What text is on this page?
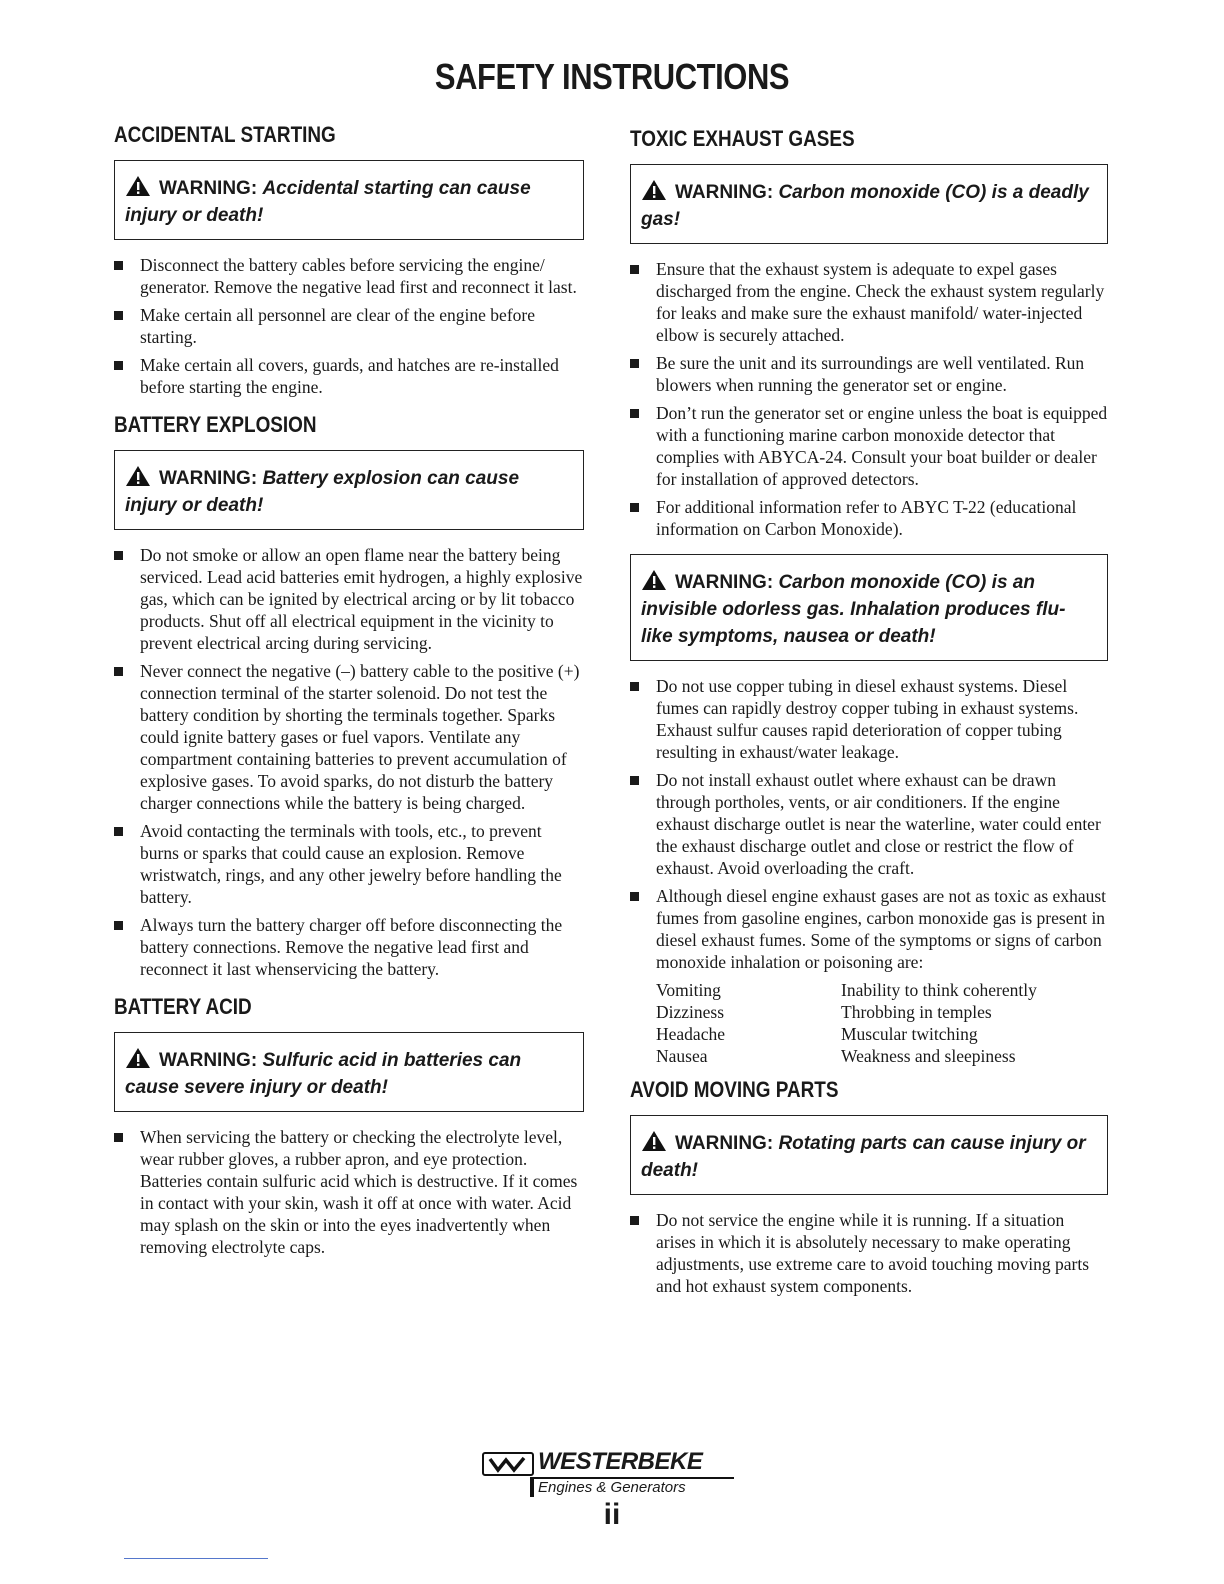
SAFETY INSTRUCTIONS
ACCIDENTAL STARTING
WARNING: Accidental starting can cause injury or death!
Disconnect the battery cables before servicing the engine/ generator. Remove the negative lead first and reconnect it last.
Make certain all personnel are clear of the engine before starting.
Make certain all covers, guards, and hatches are re-installed before starting the engine.
BATTERY EXPLOSION
WARNING: Battery explosion can cause injury or death!
Do not smoke or allow an open flame near the battery being serviced. Lead acid batteries emit hydrogen, a highly explosive gas, which can be ignited by electrical arcing or by lit tobacco products. Shut off all electrical equipment in the vicinity to prevent electrical arcing during servicing.
Never connect the negative (–) battery cable to the positive (+) connection terminal of the starter solenoid. Do not test the battery condition by shorting the terminals together. Sparks could ignite battery gases or fuel vapors. Ventilate any compartment containing batteries to prevent accumulation of explosive gases. To avoid sparks, do not disturb the battery charger connections while the battery is being charged.
Avoid contacting the terminals with tools, etc., to prevent burns or sparks that could cause an explosion. Remove wristwatch, rings, and any other jewelry before handling the battery.
Always turn the battery charger off before disconnecting the battery connections. Remove the negative lead first and reconnect it last whenservicing the battery.
BATTERY ACID
WARNING: Sulfuric acid in batteries can cause severe injury or death!
When servicing the battery or checking the electrolyte level, wear rubber gloves, a rubber apron, and eye protection. Batteries contain sulfuric acid which is destructive. If it comes in contact with your skin, wash it off at once with water. Acid may splash on the skin or into the eyes inadvertently when removing electrolyte caps.
TOXIC EXHAUST GASES
WARNING: Carbon monoxide (CO) is a deadly gas!
Ensure that the exhaust system is adequate to expel gases discharged from the engine. Check the exhaust system regularly for leaks and make sure the exhaust manifold/ water-injected elbow is securely attached.
Be sure the unit and its surroundings are well ventilated. Run blowers when running the generator set or engine.
Don’t run the generator set or engine unless the boat is equipped with a functioning marine carbon monoxide detector that complies with ABYCA-24. Consult your boat builder or dealer for installation of approved detectors.
For additional information refer to ABYC T-22 (educational information on Carbon Monoxide).
WARNING: Carbon monoxide (CO) is an invisible odorless gas. Inhalation produces flu-like symptoms, nausea or death!
Do not use copper tubing in diesel exhaust systems. Diesel fumes can rapidly destroy copper tubing in exhaust systems. Exhaust sulfur causes rapid deterioration of copper tubing resulting in exhaust/water leakage.
Do not install exhaust outlet where exhaust can be drawn through portholes, vents, or air conditioners. If the engine exhaust discharge outlet is near the waterline, water could enter the exhaust discharge outlet and close or restrict the flow of exhaust. Avoid overloading the craft.
Although diesel engine exhaust gases are not as toxic as exhaust fumes from gasoline engines, carbon monoxide gas is present in diesel exhaust fumes. Some of the symptoms or signs of carbon monoxide inhalation or poisoning are:
Vomiting	Inability to think coherently
Dizziness	Throbbing in temples
Headache	Muscular twitching
Nausea	Weakness and sleepiness
AVOID MOVING PARTS
WARNING: Rotating parts can cause injury or death!
Do not service the engine while it is running. If a situation arises in which it is absolutely necessary to make operating adjustments, use extreme care to avoid touching moving parts and hot exhaust system components.
WESTERBEKE
Engines & Generators
ii
